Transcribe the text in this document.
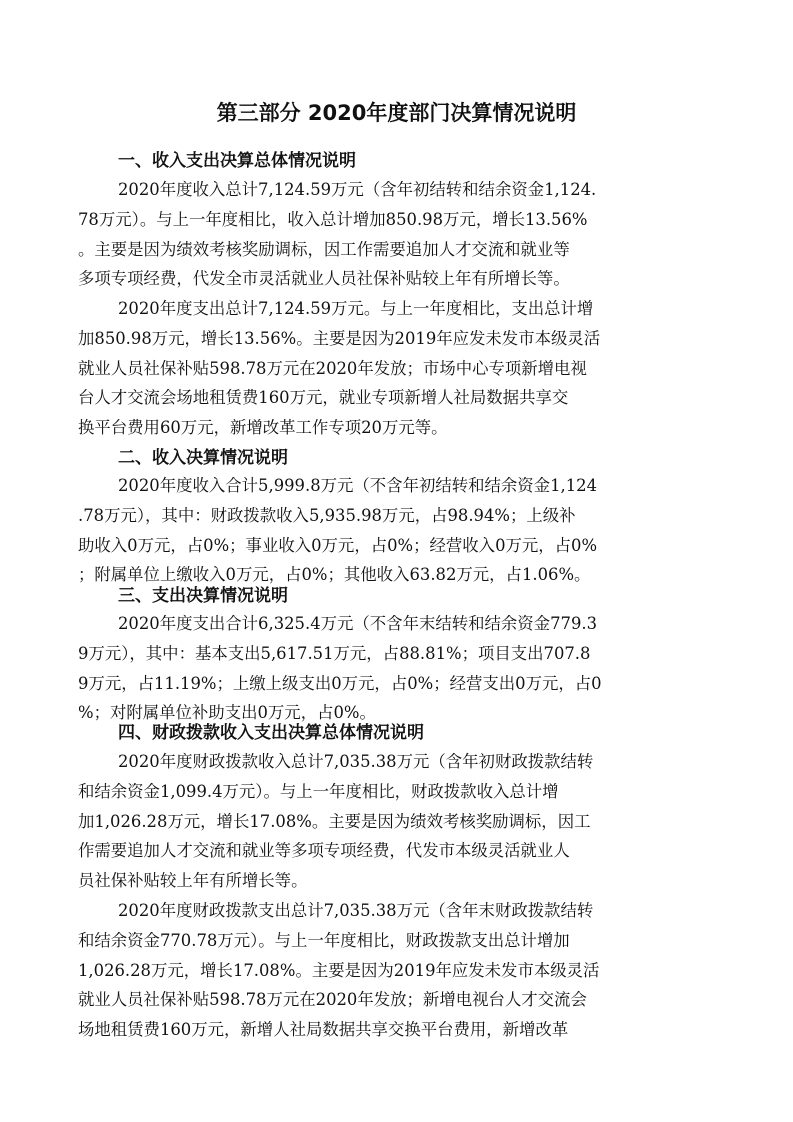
第三部分 2020年度部门决算情况说明
一、收入支出决算总体情况说明
2020年度收入总计7,124.59万元（含年初结转和结余资金1,124.
78万元）。与上一年度相比，收入总计增加850.98万元，增长13.56%
。主要是因为绩效考核奖励调标，因工作需要追加人才交流和就业等
多项专项经费，代发全市灵活就业人员社保补贴较上年有所增长等。
2020年度支出总计7,124.59万元。与上一年度相比，支出总计增
加850.98万元，增长13.56%。主要是因为2019年应发未发市本级灵活
就业人员社保补贴598.78万元在2020年发放；市场中心专项新增电视
台人才交流会场地租赁费160万元，就业专项新增人社局数据共享交
换平台费用60万元，新增改革工作专项20万元等。
二、收入决算情况说明
2020年度收入合计5,999.8万元（不含年初结转和结余资金1,124
.78万元），其中：财政拨款收入5,935.98万元，占98.94%；上级补
助收入0万元，占0%；事业收入0万元，占0%；经营收入0万元，占0%
；附属单位上缴收入0万元，占0%；其他收入63.82万元，占1.06%。
三、支出决算情况说明
2020年度支出合计6,325.4万元（不含年末结转和结余资金779.3
9万元），其中：基本支出5,617.51万元，占88.81%；项目支出707.8
9万元，占11.19%；上缴上级支出0万元，占0%；经营支出0万元，占0
%；对附属单位补助支出0万元，占0%。
四、财政拨款收入支出决算总体情况说明
2020年度财政拨款收入总计7,035.38万元（含年初财政拨款结转
和结余资金1,099.4万元）。与上一年度相比，财政拨款收入总计增
加1,026.28万元，增长17.08%。主要是因为绩效考核奖励调标，因工
作需要追加人才交流和就业等多项专项经费，代发市本级灵活就业人
员社保补贴较上年有所增长等。
2020年度财政拨款支出总计7,035.38万元（含年末财政拨款结转
和结余资金770.78万元）。与上一年度相比，财政拨款支出总计增加
1,026.28万元，增长17.08%。主要是因为2019年应发未发市本级灵活
就业人员社保补贴598.78万元在2020年发放；新增电视台人才交流会
场地租赁费160万元，新增人社局数据共享交换平台费用，新增改革
